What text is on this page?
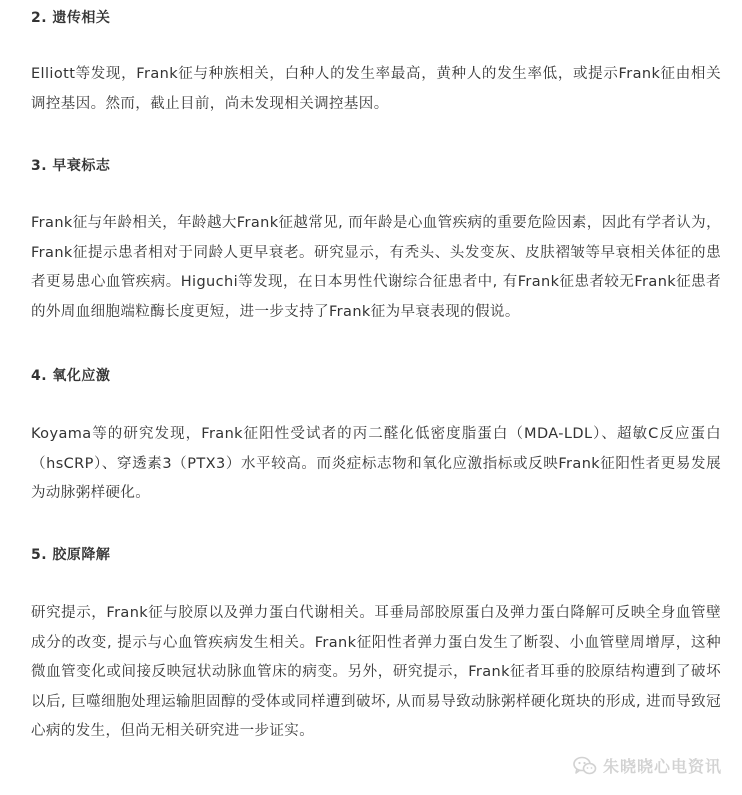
2. 遗传相关

Elliott等发现，Frank征与种族相关，白种人的发生率最高，黄种人的发生率低，或提示Frank征由相关调控基因。然而，截止目前，尚未发现相关调控基因。

3. 早衰标志

Frank征与年龄相关，年龄越大Frank征越常见, 而年龄是心血管疾病的重要危险因素，因此有学者认为，Frank征提示患者相对于同龄人更早衰老。研究显示，有秃头、头发变灰、皮肤褶皱等早衰相关体征的患者更易患心血管疾病。Higuchi等发现，在日本男性代谢综合征患者中, 有Frank征患者较无Frank征患者的外周血细胞端粒酶长度更短，进一步支持了Frank征为早衰表现的假说。

4. 氧化应激

Koyama等的研究发现，Frank征阳性受试者的丙二醛化低密度脂蛋白（MDA-LDL）、超敏C反应蛋白（hsCRP）、穿透素3（PTX3）水平较高。而炎症标志物和氧化应激指标或反映Frank征阳性者更易发展为动脉粥样硬化。

5. 胶原降解

研究提示，Frank征与胶原以及弹力蛋白代谢相关。耳垂局部胶原蛋白及弹力蛋白降解可反映全身血管壁成分的改变, 提示与心血管疾病发生相关。Frank征阳性者弹力蛋白发生了断裂、小血管壁周增厚，这种微血管变化或间接反映冠状动脉血管床的病变。另外，研究提示，Frank征者耳垂的胶原结构遭到了破坏以后, 巨噬细胞处理运输胆固醇的受体或同样遭到破坏, 从而易导致动脉粥样硬化斑块的形成, 进而导致冠心病的发生，但尚无相关研究进一步证实。

朱晓晓心电资讯
